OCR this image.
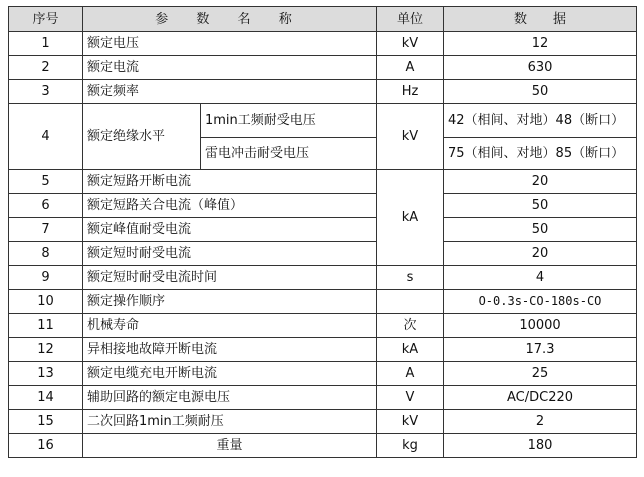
序号	参 数 名 称		单位	数　　据
1	额定电压		kV	12
2	额定电流		A	630
3	额定频率		Hz	50
4	额定绝缘水平	1min工频耐受电压	kV	42（相间、对地）48（断口）
		雷电冲击耐受电压		75（相间、对地）85（断口）
5	额定短路开断电流		kA	20
6	额定短路关合电流（峰值）			50
7	额定峰值耐受电流			50
8	额定短时耐受电流			20
9	额定短时耐受电流时间		s	4
10	额定操作顺序			O-0.3s-CO-180s-CO
11	机械寿命		次	10000
12	异相接地故障开断电流		kA	17.3
13	额定电缆充电开断电流		A	25
14	辅助回路的额定电源电压		V	AC/DC220
15	二次回路1min工频耐压		kV	2
16	重量		kg	180
